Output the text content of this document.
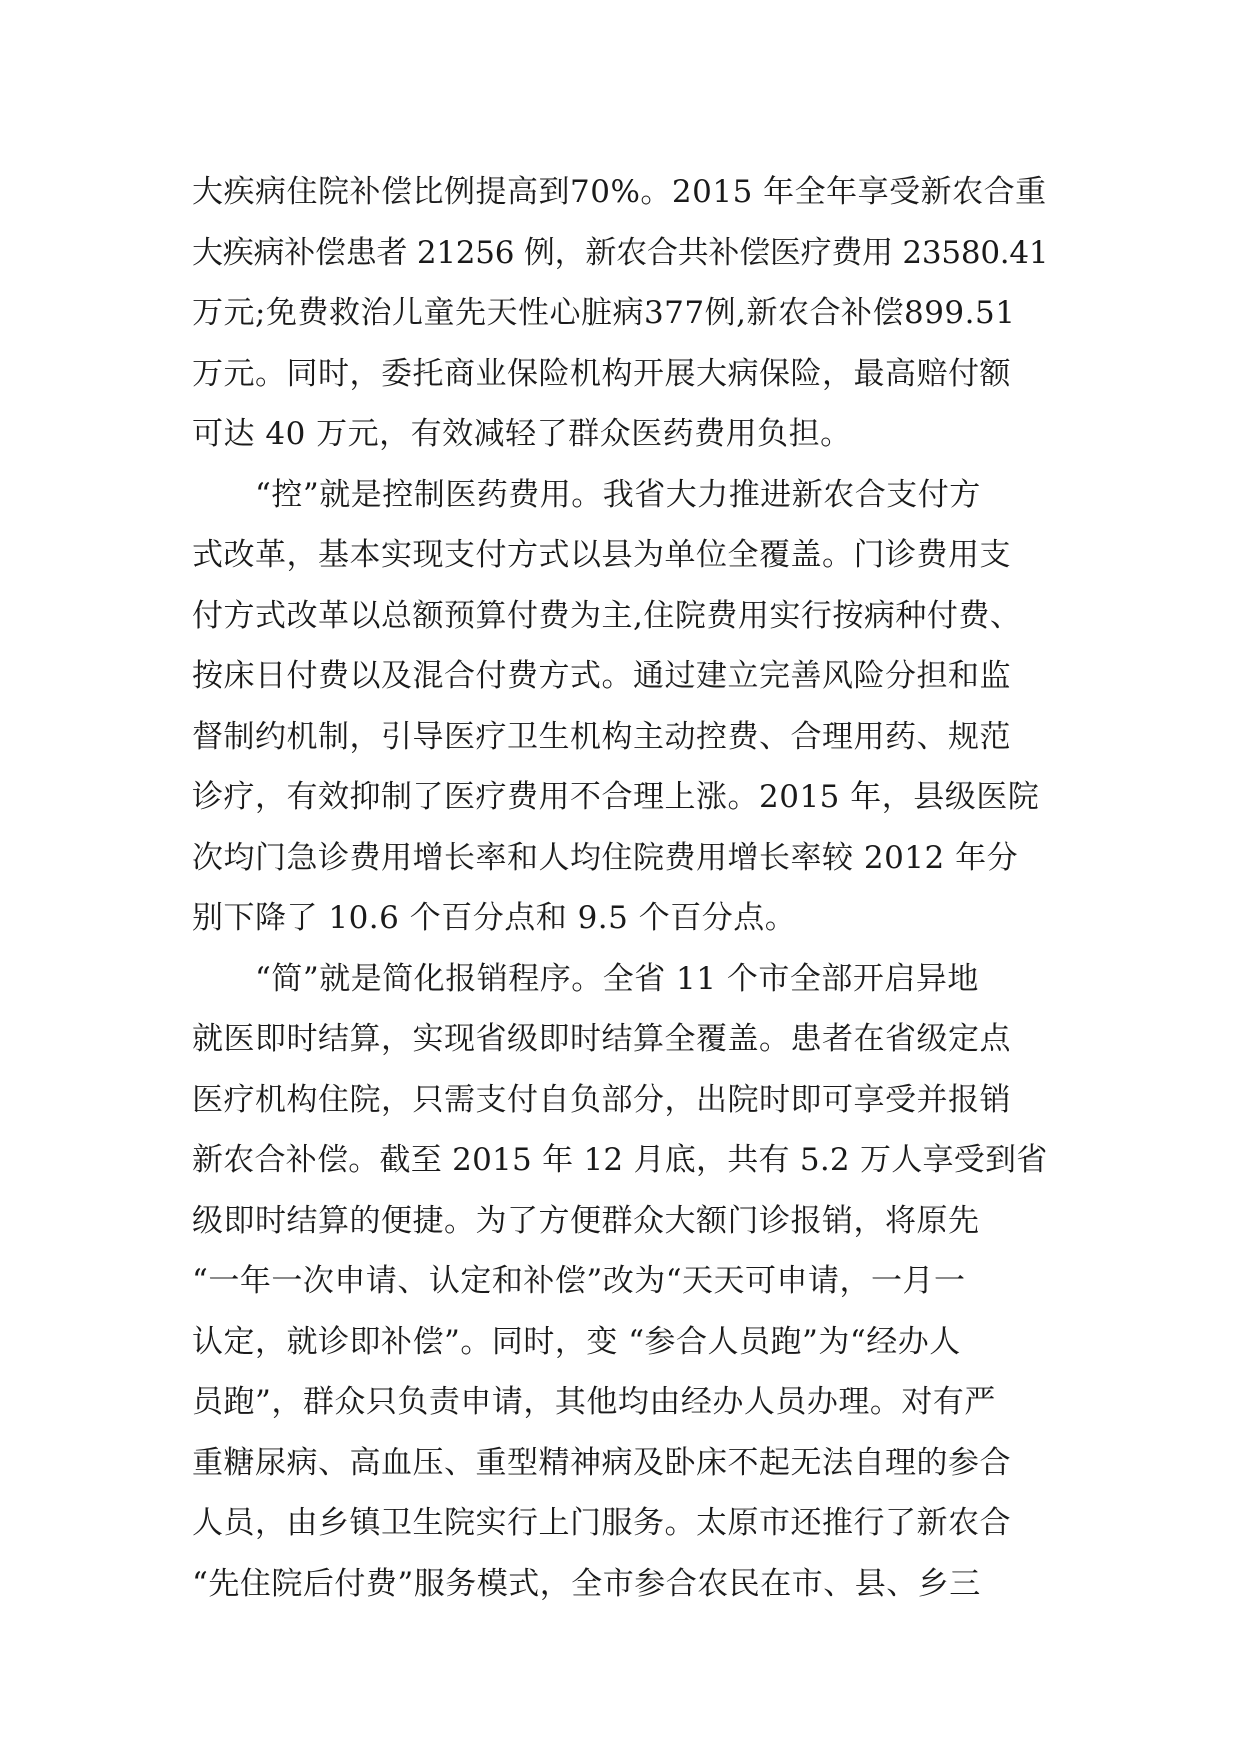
大疾病住院补偿比例提高到70%。2015 年全年享受新农合重
大疾病补偿患者 21256 例，新农合共补偿医疗费用 23580.41
万元;免费救治儿童先天性心脏病377例,新农合补偿899.51
万元。同时，委托商业保险机构开展大病保险，最高赔付额
可达 40 万元，有效减轻了群众医药费用负担。
　　“控”就是控制医药费用。我省大力推进新农合支付方
式改革，基本实现支付方式以县为单位全覆盖。门诊费用支
付方式改革以总额预算付费为主,住院费用实行按病种付费、
按床日付费以及混合付费方式。通过建立完善风险分担和监
督制约机制，引导医疗卫生机构主动控费、合理用药、规范
诊疗，有效抑制了医疗费用不合理上涨。2015 年，县级医院
次均门急诊费用增长率和人均住院费用增长率较 2012 年分
别下降了 10.6 个百分点和 9.5 个百分点。
　　“简”就是简化报销程序。全省 11 个市全部开启异地
就医即时结算，实现省级即时结算全覆盖。患者在省级定点
医疗机构住院，只需支付自负部分，出院时即可享受并报销
新农合补偿。截至 2015 年 12 月底，共有 5.2 万人享受到省
级即时结算的便捷。为了方便群众大额门诊报销，将原先
“一年一次申请、认定和补偿”改为“天天可申请，一月一
认定，就诊即补偿”。同时，变 “参合人员跑”为“经办人
员跑”，群众只负责申请，其他均由经办人员办理。对有严
重糖尿病、高血压、重型精神病及卧床不起无法自理的参合
人员，由乡镇卫生院实行上门服务。太原市还推行了新农合
“先住院后付费”服务模式，全市参合农民在市、县、乡三
